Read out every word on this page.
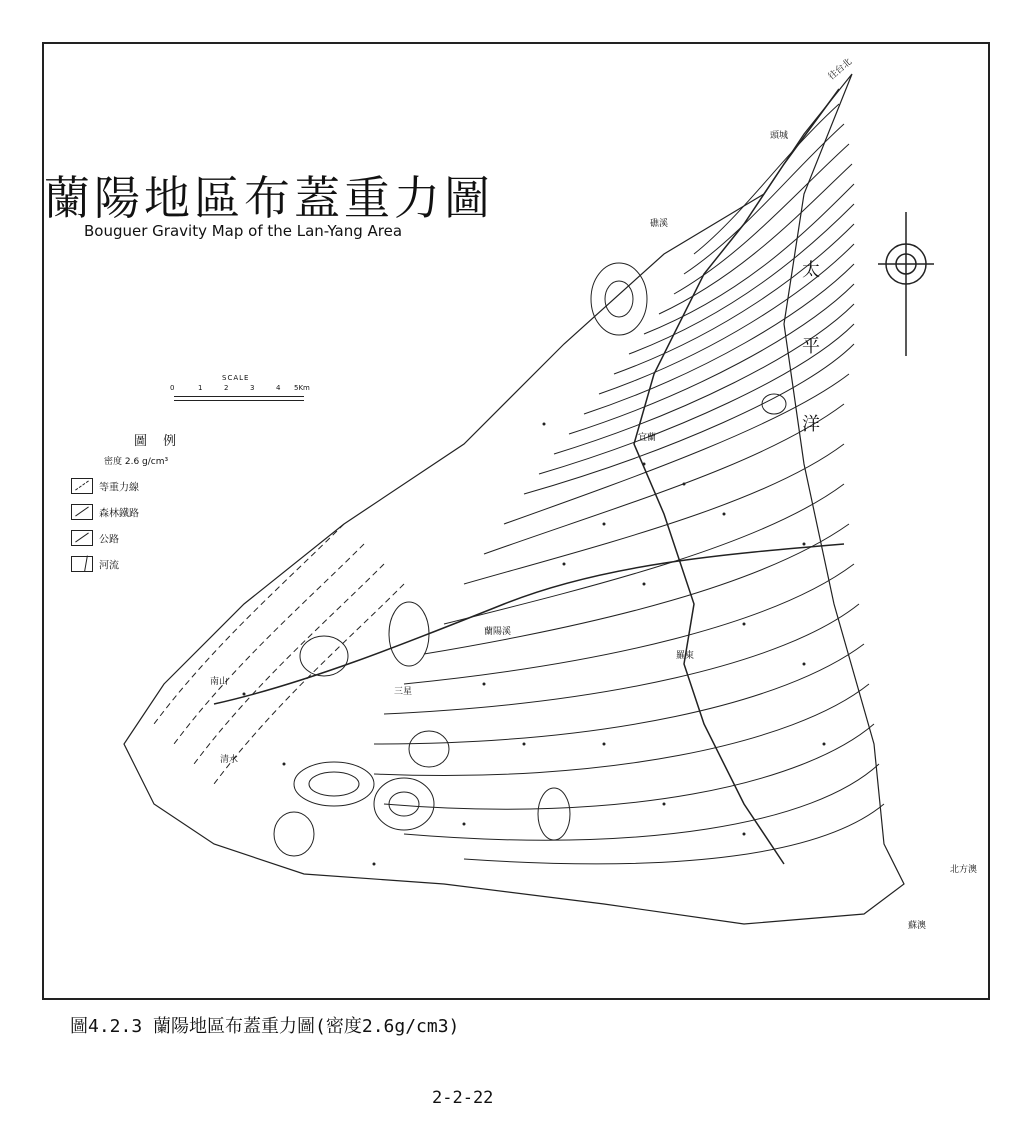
蘭陽地區布蓋重力圖
Bouguer Gravity Map of the Lan-Yang Area
SCALE
0	1	2	3	4 5Km
圖 例
密度 2.6 g/cm³
等重力線
森林鐵路
公路
河流
太
平
洋
往台北
頭城
礁溪
宜蘭
羅東
三星
蘭陽溪
北方澳
蘇澳
清水
南山
圖4.2.3 蘭陽地區布蓋重力圖(密度2.6g/cm3)
2-2-22
